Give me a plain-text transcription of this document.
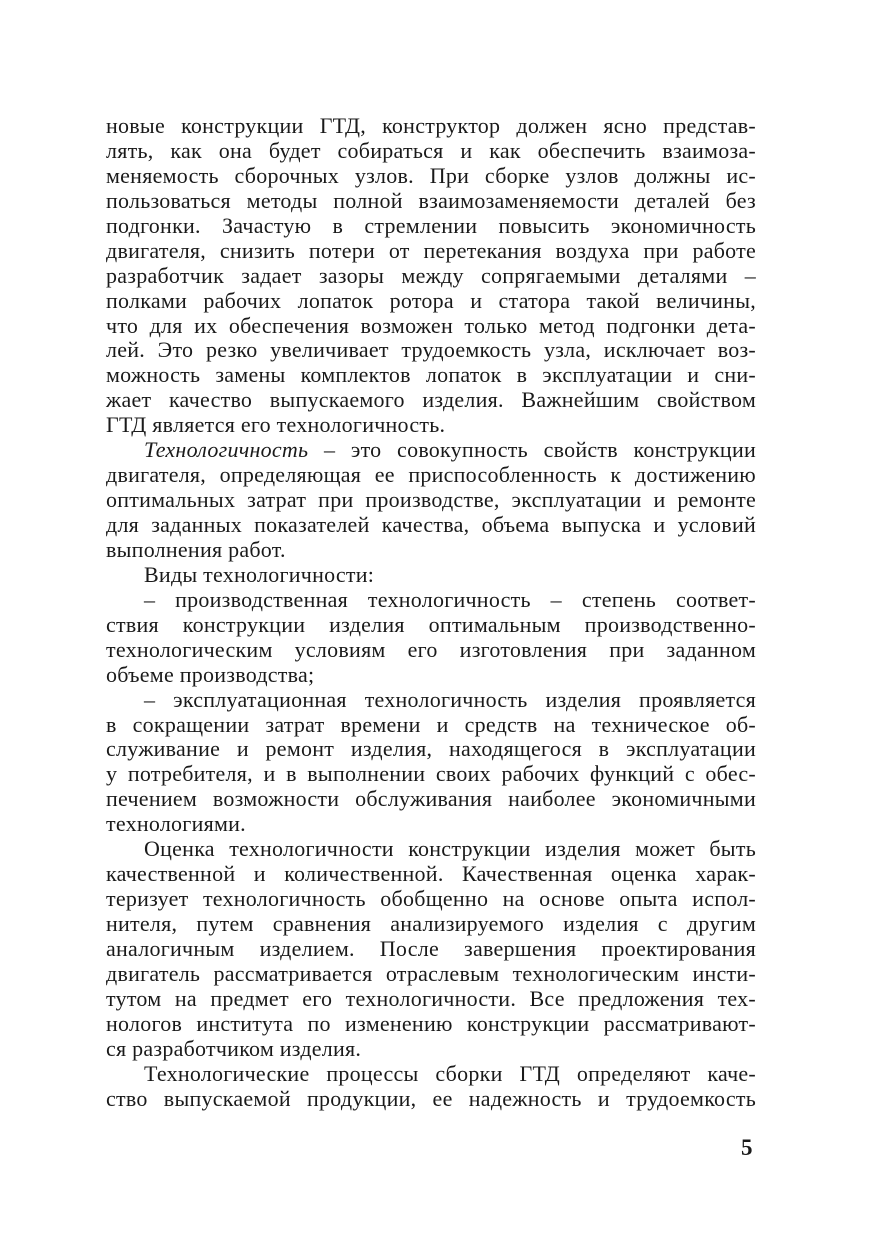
новые конструкции ГТД, конструктор должен ясно представ-
лять, как она будет собираться и как обеспечить взаимоза-
меняемость сборочных узлов. При сборке узлов должны ис-
пользоваться методы полной взаимозаменяемости деталей без
подгонки. Зачастую в стремлении повысить экономичность
двигателя, снизить потери от перетекания воздуха при работе
разработчик задает зазоры между сопрягаемыми деталями –
полками рабочих лопаток ротора и статора такой величины,
что для их обеспечения возможен только метод подгонки дета-
лей. Это резко увеличивает трудоемкость узла, исключает воз-
можность замены комплектов лопаток в эксплуатации и сни-
жает качество выпускаемого изделия. Важнейшим свойством
ГТД является его технологичность.
Технологичность – это совокупность свойств конструкции
двигателя, определяющая ее приспособленность к достижению
оптимальных затрат при производстве, эксплуатации и ремонте
для заданных показателей качества, объема выпуска и условий
выполнения работ.
Виды технологичности:
– производственная технологичность – степень соответ-
ствия конструкции изделия оптимальным производственно-
технологическим условиям его изготовления при заданном
объеме производства;
– эксплуатационная технологичность изделия проявляется
в сокращении затрат времени и средств на техническое об-
служивание и ремонт изделия, находящегося в эксплуатации
у потребителя, и в выполнении своих рабочих функций с обес-
печением возможности обслуживания наиболее экономичными
технологиями.
Оценка технологичности конструкции изделия может быть
качественной и количественной. Качественная оценка харак-
теризует технологичность обобщенно на основе опыта испол-
нителя, путем сравнения анализируемого изделия с другим
аналогичным изделием. После завершения проектирования
двигатель рассматривается отраслевым технологическим инсти-
тутом на предмет его технологичности. Все предложения тех-
нологов института по изменению конструкции рассматривают-
ся разработчиком изделия.
Технологические процессы сборки ГТД определяют каче-
ство выпускаемой продукции, ее надежность и трудоемкость
5
